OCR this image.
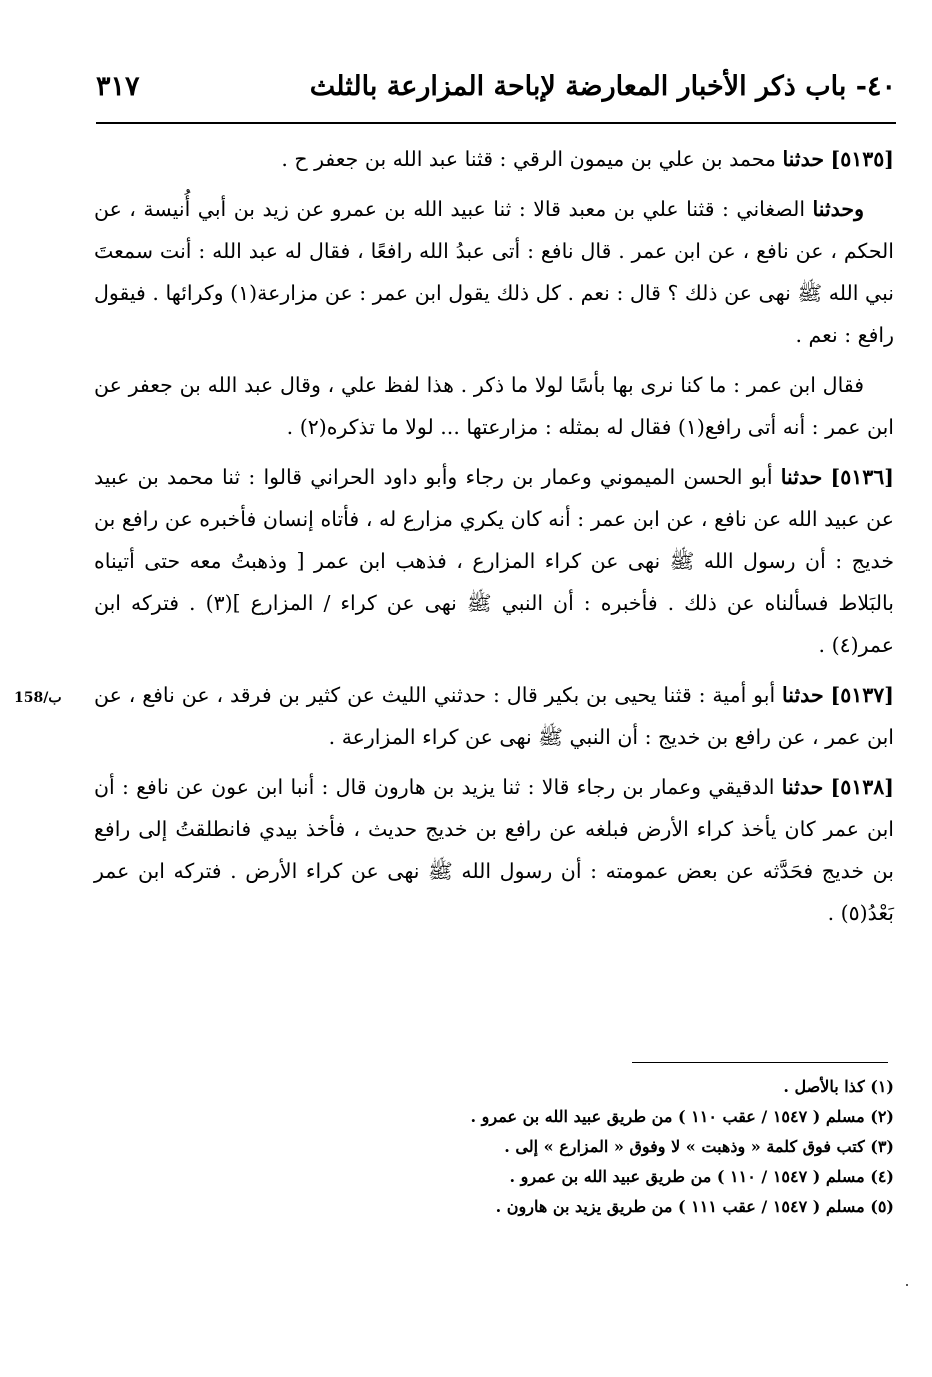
٣١٧	٤٠- باب ذكر الأخبار المعارضة لإباحة المزارعة بالثلث

[٥١٣٥] حدثنا محمد بن علي بن ميمون الرقي : قثنا عبد الله بن جعفر ح .

وحدثنا الصغاني : قثنا علي بن معبد قالا : ثنا عبيد الله بن عمرو عن زيد بن أبي أُنيسة ، عن الحكم ، عن نافع ، عن ابن عمر . قال نافع : أتى عبدُ الله رافعًا ، فقال له عبد الله : أنت سمعتَ نبي الله ﷺ نهى عن ذلك ؟ قال : نعم . كل ذلك يقول ابن عمر : عن مزارعة(١) وكرائها . فيقول رافع : نعم .

فقال ابن عمر : ما كنا نرى بها بأسًا لولا ما ذكر . هذا لفظ علي ، وقال عبد الله بن جعفر عن ابن عمر : أنه أتى رافع(١) فقال له بمثله : مزارعتها ... لولا ما تذكره(٢) .

[٥١٣٦] حدثنا أبو الحسن الميموني وعمار بن رجاء وأبو داود الحراني قالوا : ثنا محمد بن عبيد عن عبيد الله عن نافع ، عن ابن عمر : أنه كان يكري مزارع له ، فأتاه إنسان فأخبره عن رافع بن خديج : أن رسول الله ﷺ نهى عن كراء المزارع ، فذهب ابن عمر [ وذهبتُ معه حتى أتيناه بالبَلاط فسألناه عن ذلك . فأخبره : أن النبي ﷺ نهى عن كراء / المزارع ](٣) . فتركه ابن عمر(٤) .

[٥١٣٧] حدثنا أبو أمية : قثنا يحيى بن بكير قال : حدثني الليث عن كثير بن فرقد ، عن نافع ، عن ابن عمر ، عن رافع بن خديج : أن النبي ﷺ نهى عن كراء المزارعة .

[٥١٣٨] حدثنا الدقيقي وعمار بن رجاء قالا : ثنا يزيد بن هارون قال : أنبا ابن عون عن نافع : أن ابن عمر كان يأخذ كراء الأرض فبلغه عن رافع بن خديج حديث ، فأخذ بيدي فانطلقتُ إلى رافع بن خديج فحَدَّثه عن بعض عمومته : أن رسول الله ﷺ نهى عن كراء الأرض . فتركه ابن عمر بَعْدُ(٥) .

158/ب

(١) كذا بالأصل .

(٢) مسلم ( ١٥٤٧ / عقب ١١٠ ) من طريق عبيد الله بن عمرو .

(٣) كتب فوق كلمة « وذهبت » لا وفوق « المزارع » إلى .

(٤) مسلم ( ١٥٤٧ / ١١٠ ) من طريق عبيد الله بن عمرو .

(٥) مسلم ( ١٥٤٧ / عقب ١١١ ) من طريق يزيد بن هارون .
